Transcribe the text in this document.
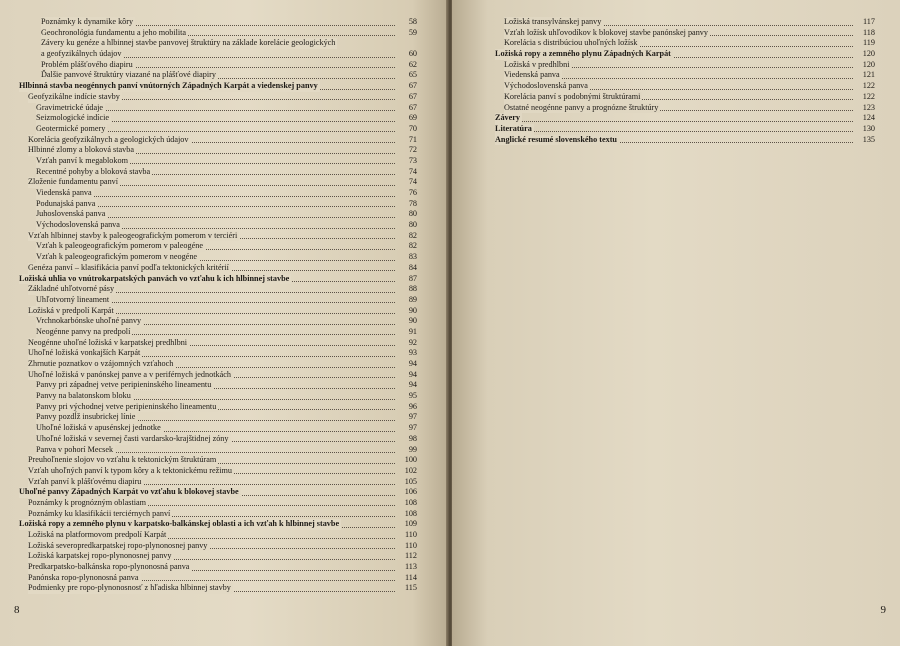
Poznámky k dynamike kôry	58
Geochronológia fundamentu a jeho mobilita	59
Závery ku genéze a hlbinnej stavbe panvovej štruktúry na základe korelácie geologických
a geofyzikálnych údajov	60
Problém plášťového diapiru	62
Ďalšie panvové štruktúry viazané na plášťové diapiry	65
Hlbinná stavba neogénnych panví vnútorných Západných Karpát a viedenskej panvy	67
Geofyzikálne indície stavby	67
Gravimetrické údaje	67
Seizmologické indície	69
Geotermické pomery	70
Korelácia geofyzikálnych a geologických údajov	71
Hlbinné zlomy a bloková stavba	72
Vzťah panví k megablokom	73
Recentné pohyby a bloková stavba	74
Zloženie fundamentu panví	74
Viedenská panva	76
Podunajská panva	78
Juhoslovenská panva	80
Východoslovenská panva	80
Vzťah hlbinnej stavby k paleogeografickým pomerom v terciéri	82
Vzťah k paleogeografickým pomerom v paleogéne	82
Vzťah k paleogeografickým pomerom v neogéne	83
Genéza panví – klasifikácia panví podľa tektonických kritérií	84
Ložiská uhlia vo vnútrokarpatských panvách vo vzťahu k ich hlbinnej stavbe	87
Základné uhľotvorné pásy	88
Uhľotvorný lineament	89
Ložiská v predpolí Karpát	90
Vrchnokarbónske uhoľné panvy	90
Neogénne panvy na predpolí	91
Neogénne uhoľné ložiská v karpatskej predhlbni	92
Uhoľné ložiská vonkajších Karpát	93
Zhrnutie poznatkov o vzájomných vzťahoch	94
Uhoľné ložiská v panónskej panve a v periférnych jednotkách	94
Panvy pri západnej vetve peripieninského lineamentu	94
Panvy na balatonskom bloku	95
Panvy pri východnej vetve peripieninského lineamentu	96
Panvy pozdĺž insubrickej línie	97
Uhoľné ložiská v apusénskej jednotke	97
Uhoľné ložiská v severnej časti vardarsko-krajštidnej zóny	98
Panva v pohorí Mecsek	99
Preuhoľnenie slojov vo vzťahu k tektonickým štruktúram	100
Vzťah uhoľných panví k typom kôry a k tektonickému režimu	102
Vzťah panví k plášťovému diapiru	105
Uhoľné panvy Západných Karpát vo vzťahu k blokovej stavbe	106
Poznámky k prognózným oblastiam	108
Poznámky ku klasifikácii terciérnych panví	108
Ložiská ropy a zemného plynu v karpatsko-balkánskej oblasti a ich vzťah k hlbinnej stavbe	109
Ložiská na platformovom predpolí Karpát	110
Ložiská severopredkarpatskej ropo-plynonosnej panvy	110
Ložiská karpatskej ropo-plynonosnej panvy	112
Predkarpatsko-balkánska ropo-plynonosná panva	113
Panónska ropo-plynonosná panva	114
Podmienky pre ropo-plynonosnosť z hľadiska hlbinnej stavby	115
8
Ložiská transylvánskej panvy	117
Vzťah ložísk uhľovodíkov k blokovej stavbe panónskej panvy	118
Korelácia s distribúciou uhoľných ložísk	119
Ložiská ropy a zemného plynu Západných Karpát	120
Ložiská v predhlbni	120
Viedenská panva	121
Východoslovenská panva	122
Korelácia panví s podobnými štruktúrami	122
Ostatné neogénne panvy a prognózne štruktúry	123
Závery	124
Literatúra	130
Anglické resumé slovenského textu	135
9
